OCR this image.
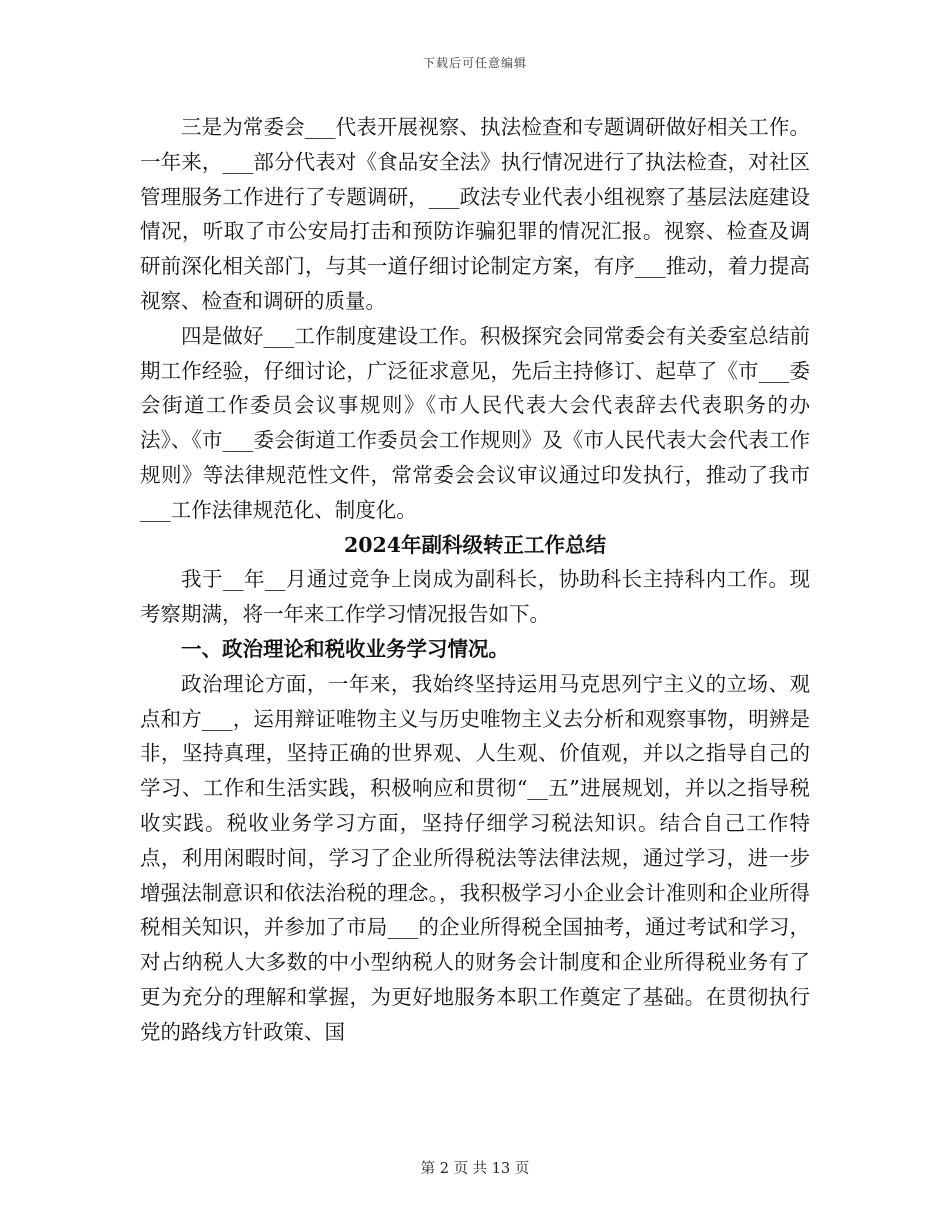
下载后可任意编辑

三是为常委会___代表开展视察、执法检查和专题调研做好相关工作。一年来，___部分代表对《食品安全法》执行情况进行了执法检查，对社区管理服务工作进行了专题调研，___政法专业代表小组视察了基层法庭建设情况，听取了市公安局打击和预防诈骗犯罪的情况汇报。视察、检查及调研前深化相关部门，与其一道仔细讨论制定方案，有序___推动，着力提高视察、检查和调研的质量。

四是做好___工作制度建设工作。积极探究会同常委会有关委室总结前期工作经验，仔细讨论，广泛征求意见，先后主持修订、起草了《市___委会街道工作委员会议事规则》《市人民代表大会代表辞去代表职务的办法》、《市___委会街道工作委员会工作规则》及《市人民代表大会代表工作规则》等法律规范性文件，常常委会会议审议通过印发执行，推动了我市___工作法律规范化、制度化。

2024年副科级转正工作总结

我于__年__月通过竞争上岗成为副科长，协助科长主持科内工作。现考察期满，将一年来工作学习情况报告如下。

一、政治理论和税收业务学习情况。

政治理论方面，一年来，我始终坚持运用马克思列宁主义的立场、观点和方___，运用辩证唯物主义与历史唯物主义去分析和观察事物，明辨是非，坚持真理，坚持正确的世界观、人生观、价值观，并以之指导自己的学习、工作和生活实践，积极响应和贯彻“__五”进展规划，并以之指导税收实践。税收业务学习方面，坚持仔细学习税法知识。结合自己工作特点，利用闲暇时间，学习了企业所得税法等法律法规，通过学习，进一步增强法制意识和依法治税的理念。，我积极学习小企业会计准则和企业所得税相关知识，并参加了市局___的企业所得税全国抽考，通过考试和学习，对占纳税人大多数的中小型纳税人的财务会计制度和企业所得税业务有了更为充分的理解和掌握，为更好地服务本职工作奠定了基础。在贯彻执行党的路线方针政策、国

第 2 页 共 13 页
